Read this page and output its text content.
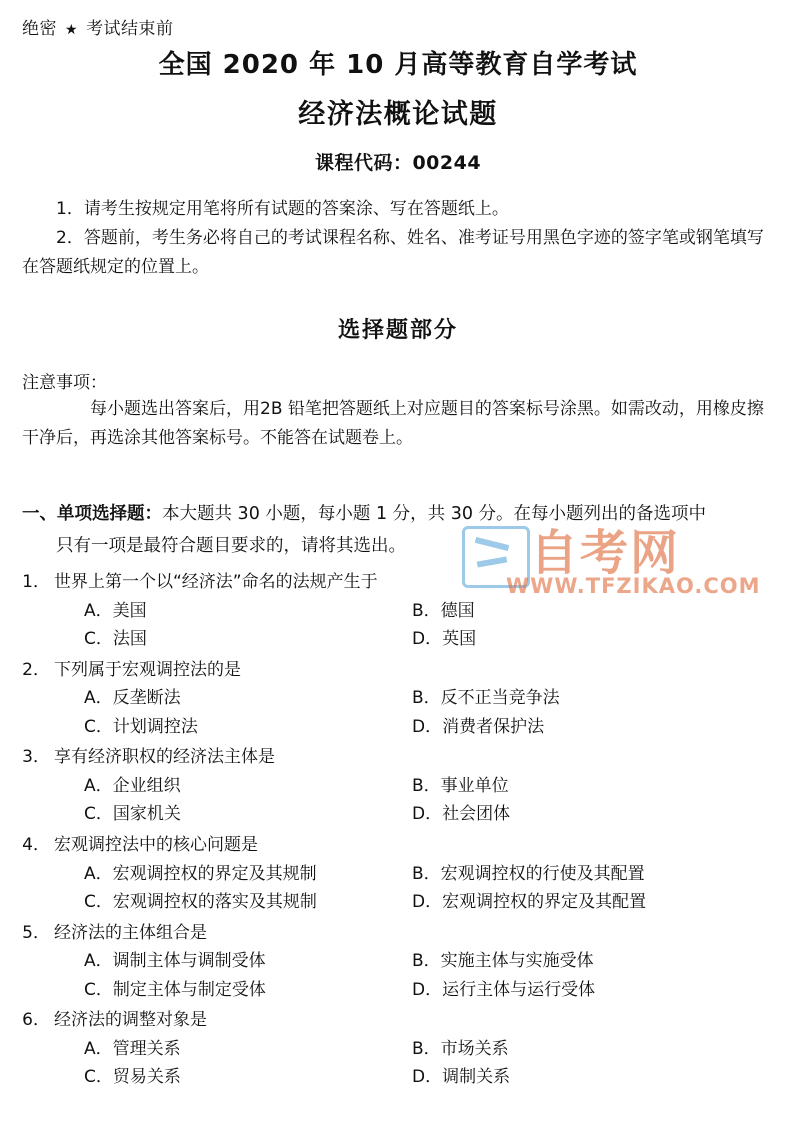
绝密 ★ 考试结束前
全国 2020 年 10 月高等教育自学考试
经济法概论试题
课程代码：00244

1．请考生按规定用笔将所有试题的答案涂、写在答题纸上。

2．答题前，考生务必将自己的考试课程名称、姓名、准考证号用黑色字迹的签字笔或钢笔填写在答题纸规定的位置上。

选择题部分
注意事项：
每小题选出答案后，用2B 铅笔把答题纸上对应题目的答案标号涂黑。如需改动，用橡皮擦干净后，再选涂其他答案标号。不能答在试题卷上。
一、单项选择题：本大题共 30 小题，每小题 1 分，共 30 分。在每小题列出的备选项中
只有一项是最符合题目要求的，请将其选出。
1． 世界上第一个以“经济法”命名的法规产生于
A．美国	B．德国
C．法国	D．英国
2． 下列属于宏观调控法的是
A．反垄断法	B．反不正当竞争法
C．计划调控法	D．消费者保护法
3． 享有经济职权的经济法主体是
A．企业组织	B．事业单位
C．国家机关	D．社会团体
4． 宏观调控法中的核心问题是
A．宏观调控权的界定及其规制	B．宏观调控权的行使及其配置
C．宏观调控权的落实及其规制	D．宏观调控权的界定及其配置
5． 经济法的主体组合是
A．调制主体与调制受体	B．实施主体与实施受体
C．制定主体与制定受体	D．运行主体与运行受体
6． 经济法的调整对象是
A．管理关系	B．市场关系
C．贸易关系	D．调制关系
自考网
WWW.TFZIKAO.COM
